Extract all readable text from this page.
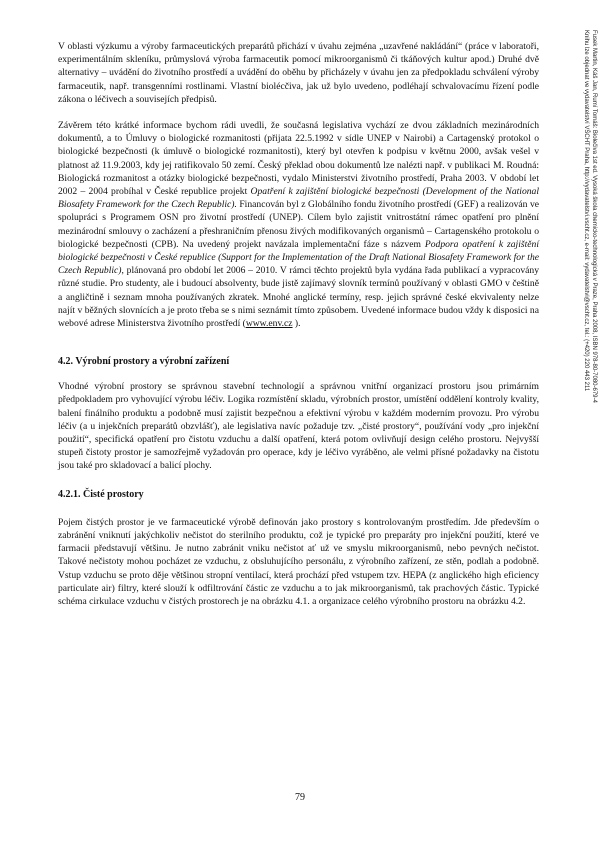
V oblasti výzkumu a výroby farmaceutických preparátů přichází v úvahu zejména „uzavřené nakládání“ (práce v laboratoři, experimentálním skleníku, průmyslová výroba farmaceutik pomocí mikroorganismů či tkáňových kultur apod.) Druhé dvě alternativy – uvádění do životního prostředí a uvádění do oběhu by přicházely v úvahu jen za předpokladu schválení výroby farmaceutik, např. transgenními rostlinami. Vlastní biolécčiva, jak už bylo uvedeno, podléhají schvalovacímu řízení podle zákona o léčivech a souvisejích předpisů.

Závěrem této krátké informace bychom rádi uvedli, že současná legislativa vychází ze dvou základních mezinárodních dokumentů, a to Úmluvy o biologické rozmanitosti (přijata 22.5.1992 v sídle UNEP v Nairobi) a Cartagenský protokol o biologické bezpečnosti (k úmluvě o biologické rozmanitosti), který byl otevřen k podpisu v květnu 2000, avšak vešel v platnost až 11.9.2003, kdy jej ratifikovalo 50 zemí. Český překlad obou dokumentů lze nalézti např. v publikaci M. Roudná: Biologická rozmanitost a otázky biologické bezpečnosti, vydalo Ministerstvi životního prostředí, Praha 2003. V období let 2002 – 2004 probíhal v České republice projekt Opatření k zajištění biologické bezpečnosti (Development of the National Biosafety Framework for the Czech Republic). Financován byl z Globálního fondu životního prostředí (GEF) a realizován ve spolupráci s Programem OSN pro životní prostředí (UNEP). Cílem bylo zajistit vnitrostátní rámec opatření pro plnění mezinárodní smlouvy o zacházení a přeshraničním přenosu živých modifikovaných organismů – Cartagenského protokolu o biologické bezpečnosti (CPB). Na uvedený projekt navázala implementační fáze s názvem Podpora opatření k zajištění biologické bezpečnosti v České republice (Support for the Implementation of the Draft National Biosafety Framework for the Czech Republic), plánovaná pro období let 2006 – 2010. V rámci těchto projektů byla vydána řada publikací a vypracovány různé studie. Pro studenty, ale i budoucí absolventy, bude jistě zajímavý slovník termínů používaný v oblasti GMO v češtině a angličtině i seznam mnoha používaných zkratek. Mnohé anglické termíny, resp. jejich správné české ekvivalenty nelze najít v běžných slovnících a je proto třeba se s nimi seznámit tímto způsobem. Uvedené informace budou vždy k disposici na webové adrese Ministerstva životního prostředí (www.env.cz ).

4.2. Výrobní prostory a výrobní zařízení

Vhodné výrobní prostory se správnou stavební technologií a správnou vnitřní organizací prostoru jsou primárním předpokladem pro vyhovující výrobu léčiv. Logika rozmístění skladu, výrobních prostor, umístění oddělení kontroly kvality, balení finálního produktu a podobně musí zajistit bezpečnou a efektivní výrobu v každém moderním provozu. Pro výrobu léčiv (a u injekčních preparátů obzvlášť), ale legislativa navíc požaduje tzv. „čisté prostory“, používání vody „pro injekční použití“, specifická opatření pro čistotu vzduchu a další opatření, která potom ovlivňují design celého prostoru. Nejvyšší stupeň čistoty prostor je samozřejmě vyžadován pro operace, kdy je léčivo vyráběno, ale velmi přísné požadavky na čistotu jsou také pro skladovací a balicí plochy.

4.2.1. Čisté prostory

Pojem čistých prostor je ve farmaceutické výrobě definován jako prostory s kontrolovaným prostředím. Jde především o zabránění vniknutí jakýchkoliv nečistot do sterilního produktu, což je typické pro preparáty pro injekční použití, které ve farmacii představují většinu. Je nutno zabránit vniku nečistot ať už ve smyslu mikroorganismů, nebo pevných nečistot. Takové nečistoty mohou pocházet ze vzduchu, z obsluhujícího personálu, z výrobního zařízení, ze stěn, podlah a podobně. Vstup vzduchu se proto děje většinou stropní ventilací, která prochází před vstupem tzv. HEPA (z anglického high eficiency particulate air) filtry, které slouží k odfiltrování částic ze vzduchu a to jak mikroorganismů, tak prachových částic. Typické schéma cirkulace vzduchu v čistých prostorech je na obrázku 4.1. a organizace celého výrobního prostoru na obrázku 4.2.

79
Fusek Martin, Káš Jan, Rumí Tomáš: Biolečiva 1st ed. Vysoká škola chemicko-technologická v Praze, Praha 2008, ISBN 978-80-7080-679-4
Knihu lze objednat ve vydavatelství VŠCHT Praha, http://vydavatelstvi.vscht.cz, e-mail: vydavatelstvi@vscht.cz, tel.: (+420) 220 443 211
